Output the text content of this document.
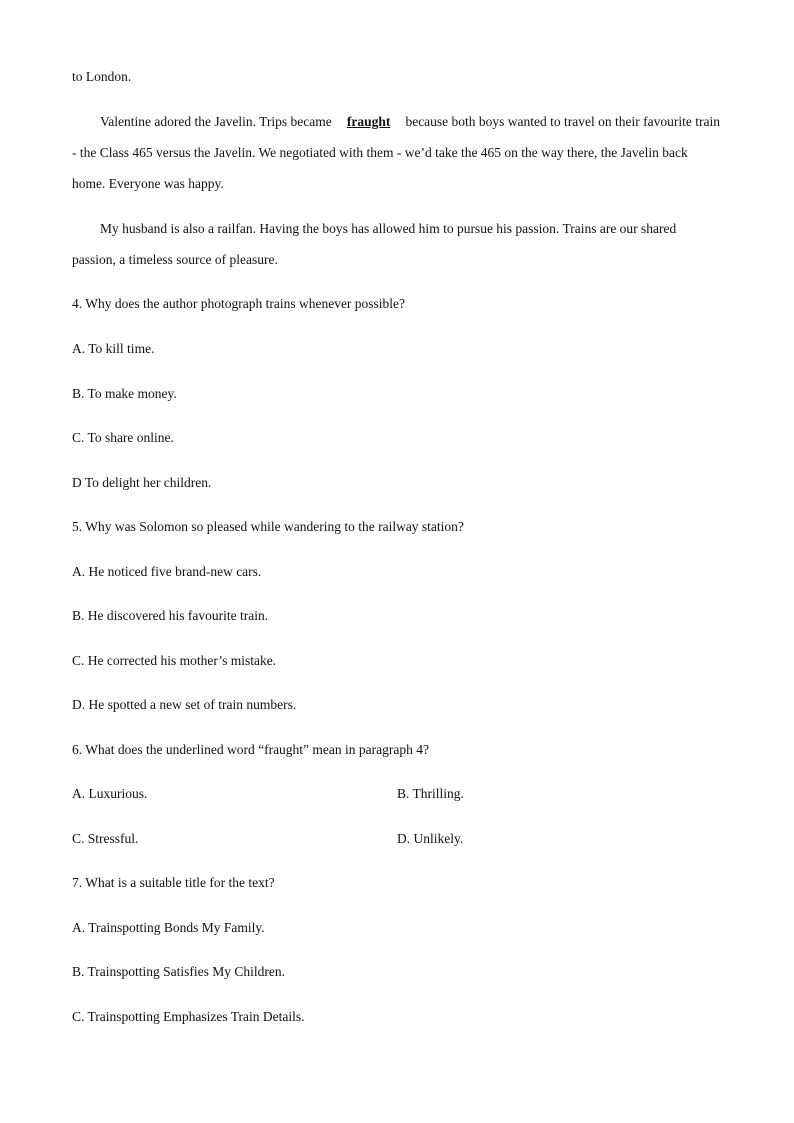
to London.
Valentine adored the Javelin. Trips became fraught because both boys wanted to travel on their favourite train
- the Class 465 versus the Javelin. We negotiated with them - we’d take the 465 on the way there, the Javelin back
home. Everyone was happy.
My husband is also a railfan. Having the boys has allowed him to pursue his passion. Trains are our shared
passion, a timeless source of pleasure.
4. Why does the author photograph trains whenever possible?
A. To kill time.
B. To make money.
C. To share online.
D To delight her children.
5. Why was Solomon so pleased while wandering to the railway station?
A. He noticed five brand-new cars.
B. He discovered his favourite train.
C. He corrected his mother’s mistake.
D. He spotted a new set of train numbers.
6. What does the underlined word “fraught” mean in paragraph 4?
A. Luxurious.	B. Thrilling.
C. Stressful.	D. Unlikely.
7. What is a suitable title for the text?
A. Trainspotting Bonds My Family.
B. Trainspotting Satisfies My Children.
C. Trainspotting Emphasizes Train Details.
